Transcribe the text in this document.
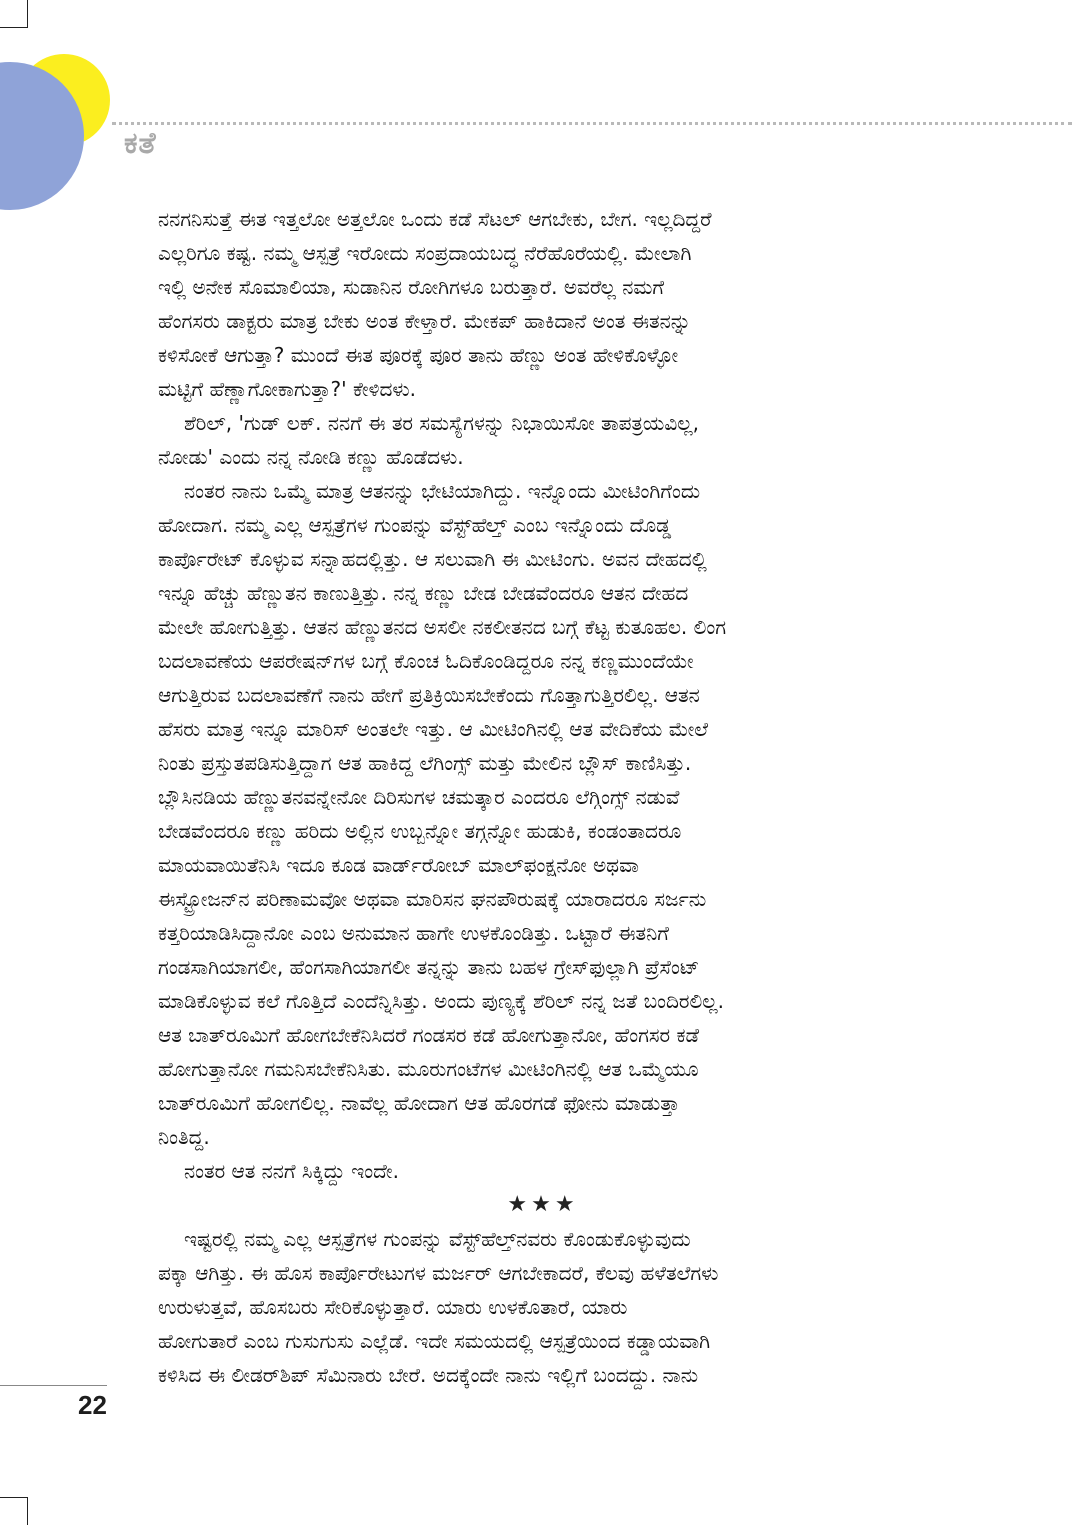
ಕತೆ

ನನಗನಿಸುತ್ತೆ ಈತ ಇತ್ತಲೋ ಅತ್ತಲೋ ಒಂದು ಕಡೆ ಸೆಟಲ್ ಆಗಬೇಕು, ಬೇಗ. ಇಲ್ಲದಿದ್ದರೆ

ಎಲ್ಲರಿಗೂ ಕಷ್ಟ. ನಮ್ಮ ಆಸ್ಪತ್ರೆ ಇರೋದು ಸಂಪ್ರದಾಯಬದ್ಧ ನೆರೆಹೊರೆಯಲ್ಲಿ. ಮೇಲಾಗಿ

ಇಲ್ಲಿ ಅನೇಕ ಸೊಮಾಲಿಯಾ, ಸುಡಾನಿನ ರೋಗಿಗಳೂ ಬರುತ್ತಾರೆ. ಅವರೆಲ್ಲ ನಮಗೆ

ಹೆಂಗಸರು ಡಾಕ್ಟರು ಮಾತ್ರ ಬೇಕು ಅಂತ ಕೇಳ್ತಾರೆ. ಮೇಕಪ್ ಹಾಕಿದಾನೆ ಅಂತ ಈತನನ್ನು

ಕಳಿಸೋಕೆ ಆಗುತ್ತಾ? ಮುಂದೆ ಈತ ಪೂರಕ್ಕೆ ಪೂರ ತಾನು ಹೆಣ್ಣು ಅಂತ ಹೇಳಿಕೊಳ್ಳೋ

ಮಟ್ಟಿಗೆ ಹೆಣ್ಣಾಗೋಕಾಗುತ್ತಾ?' ಕೇಳಿದಳು.

ಶೆರಿಲ್, 'ಗುಡ್ ಲಕ್. ನನಗೆ ಈ ತರ ಸಮಸ್ಯೆಗಳನ್ನು ನಿಭಾಯಿಸೋ ತಾಪತ್ರಯವಿಲ್ಲ,

ನೋಡು' ಎಂದು ನನ್ನ ನೋಡಿ ಕಣ್ಣು ಹೊಡೆದಳು.

ನಂತರ ನಾನು ಒಮ್ಮೆ ಮಾತ್ರ ಆತನನ್ನು ಭೇಟಿಯಾಗಿದ್ದು. ಇನ್ನೊಂದು ಮೀಟಿಂಗಿಗೆಂದು

ಹೋದಾಗ. ನಮ್ಮ ಎಲ್ಲ ಆಸ್ಪತ್ರೆಗಳ ಗುಂಪನ್ನು ವೆಸ್ಟ್‌ಹೆಲ್ತ್ ಎಂಬ ಇನ್ನೊಂದು ದೊಡ್ಡ

ಕಾರ್ಪೊರೇಟ್ ಕೊಳ್ಳುವ ಸನ್ನಾಹದಲ್ಲಿತ್ತು. ಆ ಸಲುವಾಗಿ ಈ ಮೀಟಿಂಗು. ಅವನ ದೇಹದಲ್ಲಿ

ಇನ್ನೂ ಹೆಚ್ಚು ಹೆಣ್ಣುತನ ಕಾಣುತ್ತಿತ್ತು. ನನ್ನ ಕಣ್ಣು ಬೇಡ ಬೇಡವೆಂದರೂ ಆತನ ದೇಹದ

ಮೇಲೇ ಹೋಗುತ್ತಿತ್ತು. ಆತನ ಹೆಣ್ಣುತನದ ಅಸಲೀ ನಕಲೀತನದ ಬಗ್ಗೆ ಕೆಟ್ಟ ಕುತೂಹಲ. ಲಿಂಗ

ಬದಲಾವಣೆಯ ಆಪರೇಷನ್‌ಗಳ ಬಗ್ಗೆ ಕೊಂಚ ಓದಿಕೊಂಡಿದ್ದರೂ ನನ್ನ ಕಣ್ಣಮುಂದೆಯೇ

ಆಗುತ್ತಿರುವ ಬದಲಾವಣೆಗೆ ನಾನು ಹೇಗೆ ಪ್ರತಿಕ್ರಿಯಿಸಬೇಕೆಂದು ಗೊತ್ತಾಗುತ್ತಿರಲಿಲ್ಲ. ಆತನ

ಹೆಸರು ಮಾತ್ರ ಇನ್ನೂ ಮಾರಿಸ್ ಅಂತಲೇ ಇತ್ತು. ಆ ಮೀಟಿಂಗಿನಲ್ಲಿ ಆತ ವೇದಿಕೆಯ ಮೇಲೆ

ನಿಂತು ಪ್ರಸ್ತುತಪಡಿಸುತ್ತಿದ್ದಾಗ ಆತ ಹಾಕಿದ್ದ ಲೆಗಿಂಗ್ಸ್ ಮತ್ತು ಮೇಲಿನ ಬ್ಲೌಸ್ ಕಾಣಿಸಿತ್ತು.

ಬ್ಲೌಸಿನಡಿಯ ಹೆಣ್ಣುತನವನ್ನೇನೋ ದಿರಿಸುಗಳ ಚಮತ್ಕಾರ ಎಂದರೂ ಲೆಗ್ಗಿಂಗ್ಸ್ ನಡುವೆ

ಬೇಡವೆಂದರೂ ಕಣ್ಣು ಹರಿದು ಅಲ್ಲಿನ ಉಬ್ಬನ್ನೋ ತಗ್ಗನ್ನೋ ಹುಡುಕಿ, ಕಂಡಂತಾದರೂ

ಮಾಯವಾಯಿತೆನಿಸಿ ಇದೂ ಕೂಡ ವಾರ್ಡ್‌ರೋಬ್ ಮಾಲ್‌ಫಂಕ್ಷನೋ ಅಥವಾ

ಈಸ್ಟ್ರೋಜನ್‌ನ ಪರಿಣಾಮವೋ ಅಥವಾ ಮಾರಿಸನ ಘನಪೌರುಷಕ್ಕೆ ಯಾರಾದರೂ ಸರ್ಜನು

ಕತ್ತರಿಯಾಡಿಸಿದ್ದಾನೋ ಎಂಬ ಅನುಮಾನ ಹಾಗೇ ಉಳಕೊಂಡಿತ್ತು. ಒಟ್ಟಾರೆ ಈತನಿಗೆ

ಗಂಡಸಾಗಿಯಾಗಲೀ, ಹೆಂಗಸಾಗಿಯಾಗಲೀ ತನ್ನನ್ನು ತಾನು ಬಹಳ ಗ್ರೇಸ್‌ಫುಲ್ಲಾಗಿ ಪ್ರೆಸೆಂಟ್

ಮಾಡಿಕೊಳ್ಳುವ ಕಲೆ ಗೊತ್ತಿದೆ ಎಂದೆನ್ನಿಸಿತ್ತು. ಅಂದು ಪುಣ್ಯಕ್ಕೆ ಶೆರಿಲ್ ನನ್ನ ಜತೆ ಬಂದಿರಲಿಲ್ಲ.

ಆತ ಬಾತ್‌ರೂಮಿಗೆ ಹೋಗಬೇಕೆನಿಸಿದರೆ ಗಂಡಸರ ಕಡೆ ಹೋಗುತ್ತಾನೋ, ಹೆಂಗಸರ ಕಡೆ

ಹೋಗುತ್ತಾನೋ ಗಮನಿಸಬೇಕೆನಿಸಿತು. ಮೂರುಗಂಟೆಗಳ ಮೀಟಿಂಗಿನಲ್ಲಿ ಆತ ಒಮ್ಮೆಯೂ

ಬಾತ್‌ರೂಮಿಗೆ ಹೋಗಲಿಲ್ಲ. ನಾವೆಲ್ಲ ಹೋದಾಗ ಆತ ಹೊರಗಡೆ ಫೋನು ಮಾಡುತ್ತಾ

ನಿಂತಿದ್ದ.

ನಂತರ ಆತ ನನಗೆ ಸಿಕ್ಕಿದ್ದು ಇಂದೇ.

★★★

ಇಷ್ಟರಲ್ಲಿ ನಮ್ಮ ಎಲ್ಲ ಆಸ್ಪತ್ರೆಗಳ ಗುಂಪನ್ನು ವೆಸ್ಟ್‌ಹೆಲ್ತ್‌ನವರು ಕೊಂಡುಕೊಳ್ಳುವುದು

ಪಕ್ಕಾ ಆಗಿತ್ತು. ಈ ಹೊಸ ಕಾರ್ಪೊರೇಟುಗಳ ಮರ್ಜರ್ ಆಗಬೇಕಾದರೆ, ಕೆಲವು ಹಳೆತಲೆಗಳು

ಉರುಳುತ್ತವೆ, ಹೊಸಬರು ಸೇರಿಕೊಳ್ಳುತ್ತಾರೆ. ಯಾರು ಉಳಕೊತಾರೆ, ಯಾರು

ಹೋಗುತಾರೆ ಎಂಬ ಗುಸುಗುಸು ಎಲ್ಲೆಡೆ. ಇದೇ ಸಮಯದಲ್ಲಿ ಆಸ್ಪತ್ರೆಯಿಂದ ಕಡ್ಡಾಯವಾಗಿ

ಕಳಿಸಿದ ಈ ಲೀಡರ್‌ಶಿಪ್ ಸೆಮಿನಾರು ಬೇರೆ. ಅದಕ್ಕೆಂದೇ ನಾನು ಇಲ್ಲಿಗೆ ಬಂದದ್ದು. ನಾನು

22
